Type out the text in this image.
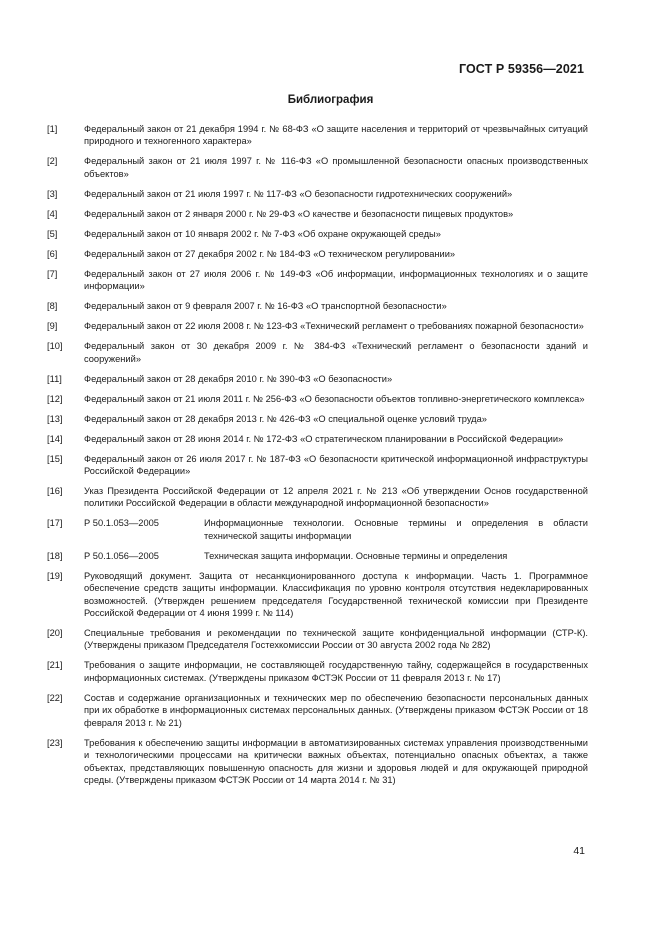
ГОСТ Р 59356—2021
Библиография
[1]	Федеральный закон от 21 декабря 1994 г. № 68-ФЗ «О защите населения и территорий от чрезвычайных ситуаций природного и техногенного характера»
[2]	Федеральный закон от 21 июля 1997 г. № 116-ФЗ «О промышленной безопасности опасных производственных объектов»
[3]	Федеральный закон от 21 июля 1997 г. № 117-ФЗ «О безопасности гидротехнических сооружений»
[4]	Федеральный закон от 2 января 2000 г. № 29-ФЗ «О качестве и безопасности пищевых продуктов»
[5]	Федеральный закон от 10 января 2002 г. № 7-ФЗ «Об охране окружающей среды»
[6]	Федеральный закон от 27 декабря 2002 г. № 184-ФЗ «О техническом регулировании»
[7]	Федеральный закон от 27 июля 2006 г. № 149-ФЗ «Об информации, информационных технологиях и о защите информации»
[8]	Федеральный закон от 9 февраля 2007 г. № 16-ФЗ «О транспортной безопасности»
[9]	Федеральный закон от 22 июля 2008 г. № 123-ФЗ «Технический регламент о требованиях пожарной безопасности»
[10]	Федеральный закон от 30 декабря 2009 г. № 384-ФЗ «Технический регламент о безопасности зданий и сооружений»
[11]	Федеральный закон от 28 декабря 2010 г. № 390-ФЗ «О безопасности»
[12]	Федеральный закон от 21 июля 2011 г. № 256-ФЗ «О безопасности объектов топливно-энергетического комплекса»
[13]	Федеральный закон от 28 декабря 2013 г. № 426-ФЗ «О специальной оценке условий труда»
[14]	Федеральный закон от 28 июня 2014 г. № 172-ФЗ «О стратегическом планировании в Российской Федерации»
[15]	Федеральный закон от 26 июля 2017 г. № 187-ФЗ «О безопасности критической информационной инфраструктуры Российской Федерации»
[16]	Указ Президента Российской Федерации от 12 апреля 2021 г. № 213 «Об утверждении Основ государственной политики Российской Федерации в области международной информационной безопасности»
[17]	Р 50.1.053—2005	Информационные технологии. Основные термины и определения в области технической защиты информации
[18]	Р 50.1.056—2005	Техническая защита информации. Основные термины и определения
[19]	Руководящий документ. Защита от несанкционированного доступа к информации. Часть 1. Программное обеспечение средств защиты информации. Классификация по уровню контроля отсутствия недекларированных возможностей. (Утвержден решением председателя Государственной технической комиссии при Президенте Российской Федерации от 4 июня 1999 г. № 114)
[20]	Специальные требования и рекомендации по технической защите конфиденциальной информации (СТР-К). (Утверждены приказом Председателя Гостехкомиссии России от 30 августа 2002 года № 282)
[21]	Требования о защите информации, не составляющей государственную тайну, содержащейся в государственных информационных системах. (Утверждены приказом ФСТЭК России от 11 февраля 2013 г. № 17)
[22]	Состав и содержание организационных и технических мер по обеспечению безопасности персональных данных при их обработке в информационных системах персональных данных. (Утверждены приказом ФСТЭК России от 18 февраля 2013 г. № 21)
[23]	Требования к обеспечению защиты информации в автоматизированных системах управления производственными и технологическими процессами на критически важных объектах, потенциально опасных объектах, а также объектах, представляющих повышенную опасность для жизни и здоровья людей и для окружающей природной среды. (Утверждены приказом ФСТЭК России от 14 марта 2014 г. № 31)
41
